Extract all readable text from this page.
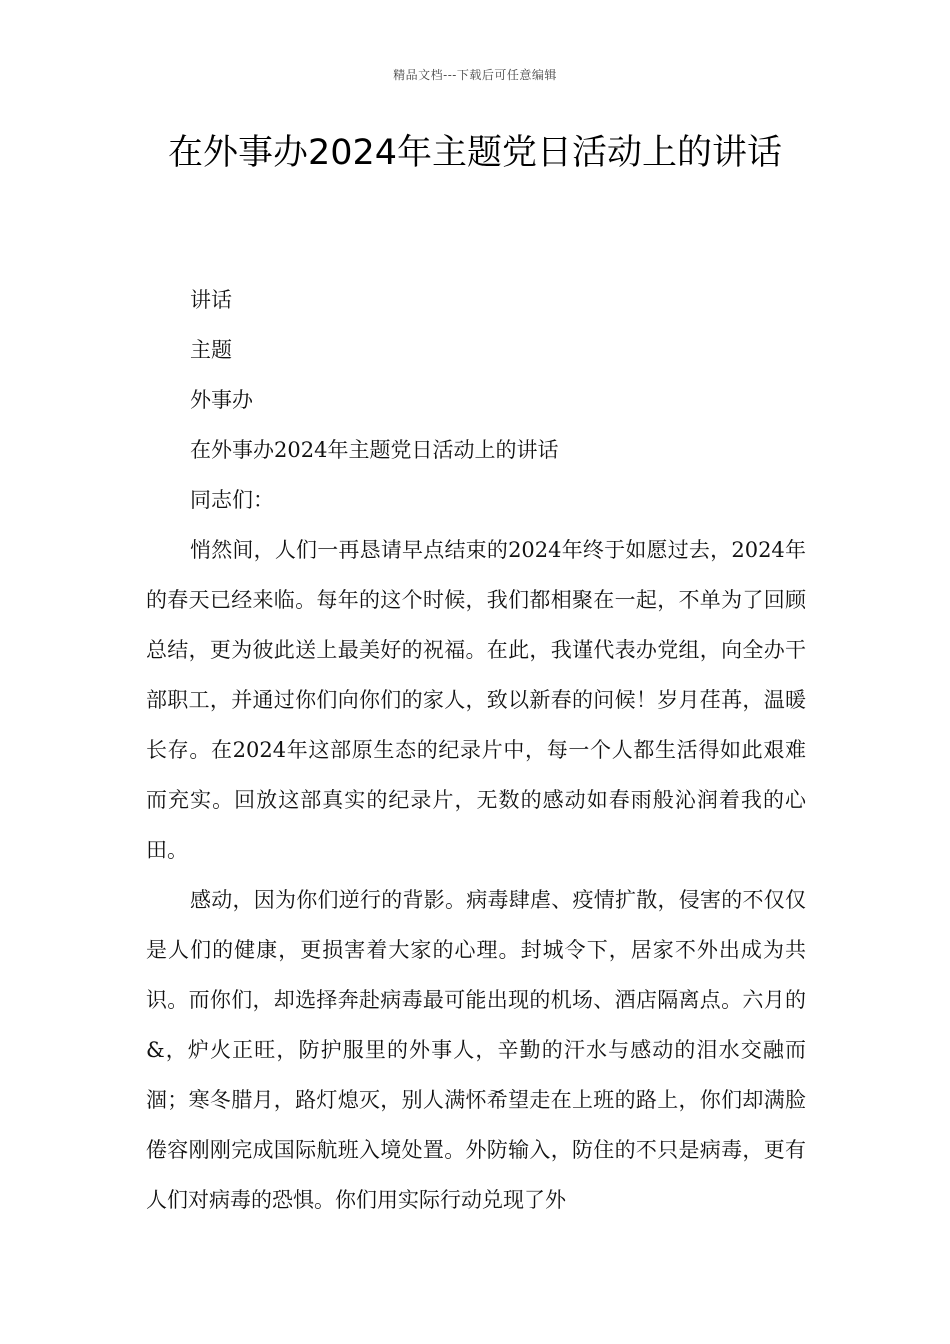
精品文档---下载后可任意编辑
在外事办2024年主题党日活动上的讲话

讲话

主题

外事办

在外事办2024年主题党日活动上的讲话

同志们：

悄然间，人们一再恳请早点结束的2024年终于如愿过去，2024年的春天已经来临。每年的这个时候，我们都相聚在一起，不单为了回顾总结，更为彼此送上最美好的祝福。在此，我谨代表办党组，向全办干部职工，并通过你们向你们的家人，致以新春的问候！岁月荏苒，温暖长存。在2024年这部原生态的纪录片中，每一个人都生活得如此艰难而充实。回放这部真实的纪录片，无数的感动如春雨般沁润着我的心田。

感动，因为你们逆行的背影。病毒肆虐、疫情扩散，侵害的不仅仅是人们的健康，更损害着大家的心理。封城令下，居家不外出成为共识。而你们，却选择奔赴病毒最可能出现的机场、酒店隔离点。六月的&，炉火正旺，防护服里的外事人，辛勤的汗水与感动的泪水交融而涸；寒冬腊月，路灯熄灭，别人满怀希望走在上班的路上，你们却满脸倦容刚刚完成国际航班入境处置。外防输入，防住的不只是病毒，更有人们对病毒的恐惧。你们用实际行动兑现了外
